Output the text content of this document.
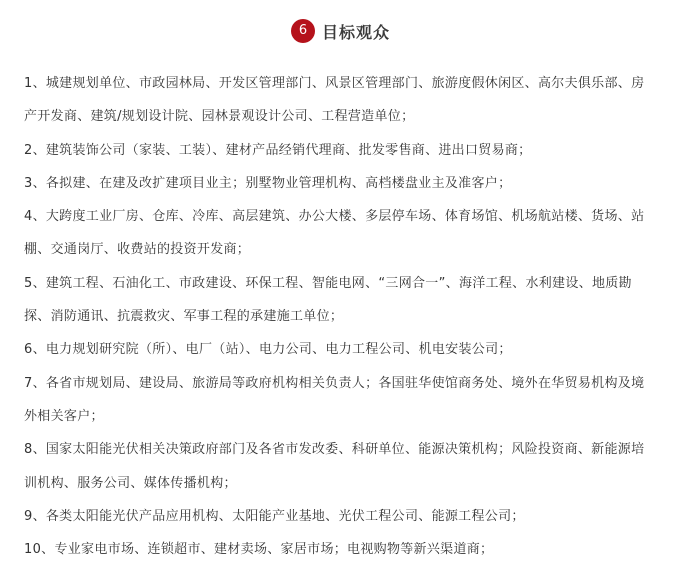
6 目标观众
1、城建规划单位、市政园林局、开发区管理部门、风景区管理部门、旅游度假休闲区、高尔夫俱乐部、房产开发商、建筑/规划设计院、园林景观设计公司、工程营造单位；
2、建筑装饰公司（家装、工装）、建材产品经销代理商、批发零售商、进出口贸易商；
3、各拟建、在建及改扩建项目业主；别墅物业管理机构、高档楼盘业主及准客户；
4、大跨度工业厂房、仓库、冷库、高层建筑、办公大楼、多层停车场、体育场馆、机场航站楼、货场、站棚、交通岗厅、收费站的投资开发商；
5、建筑工程、石油化工、市政建设、环保工程、智能电网、“三网合一”、海洋工程、水利建设、地质勘探、消防通讯、抗震救灾、军事工程的承建施工单位；
6、电力规划研究院（所）、电厂（站）、电力公司、电力工程公司、机电安装公司；
7、各省市规划局、建设局、旅游局等政府机构相关负责人；各国驻华使馆商务处、境外在华贸易机构及境外相关客户；
8、国家太阳能光伏相关决策政府部门及各省市发改委、科研单位、能源决策机构；风险投资商、新能源培训机构、服务公司、媒体传播机构；
9、各类太阳能光伏产品应用机构、太阳能产业基地、光伏工程公司、能源工程公司；
10、专业家电市场、连锁超市、建材卖场、家居市场；电视购物等新兴渠道商；
